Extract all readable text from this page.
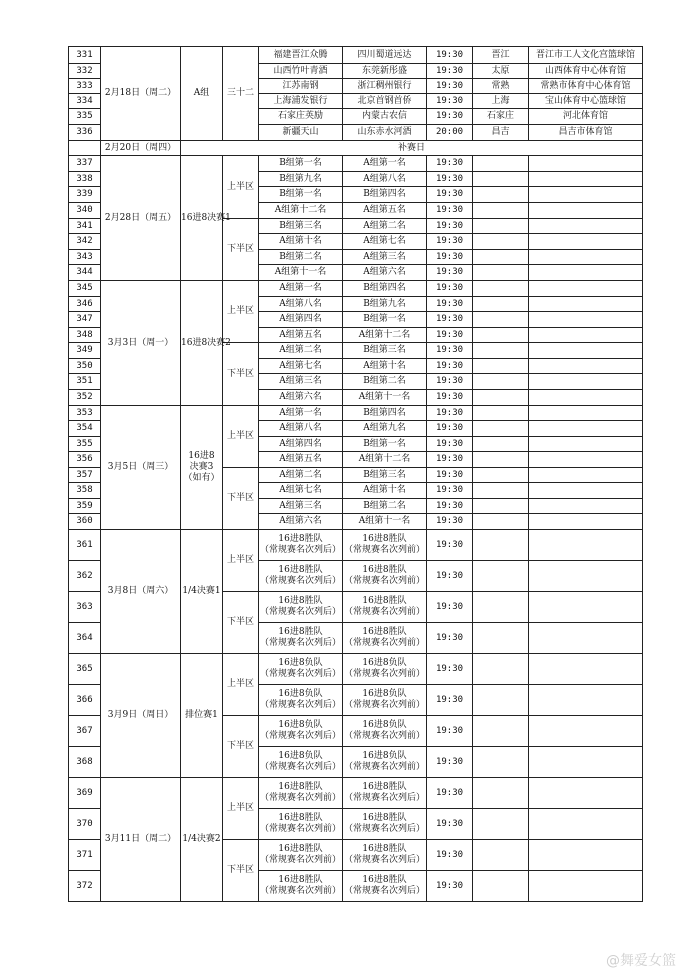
331	2月18日（周二）	A组	三十二	福建晋江众腾	四川蜀道远达	19:30	晋江	晋江市工人文化宫篮球馆
332				山西竹叶青酒	东莞新彤盛	19:30	太原	山西体育中心体育馆
333				江苏南钢	浙江稠州银行	19:30	常熟	常熟市体育中心体育馆
334				上海浦发银行	北京首钢首侨	19:30	上海	宝山体育中心篮球馆
335				石家庄英励	内蒙古农信	19:30	石家庄	河北体育馆
336				新疆天山	山东赤水河酒	20:00	昌吉	昌吉市体育馆
	2月20日（周四）	补赛日						
337	2月28日（周五）	16进8决赛1	上半区	B组第一名	A组第一名	19:30		
338				B组第九名	A组第八名	19:30		
339				B组第一名	B组第四名	19:30		
340				A组第十二名	A组第五名	19:30		
341			下半区	B组第三名	A组第二名	19:30		
342				A组第十名	A组第七名	19:30		
343				B组第二名	A组第三名	19:30		
344				A组第十一名	A组第六名	19:30		
345	3月3日（周一）	16进8决赛2	上半区	A组第一名	B组第四名	19:30		
346				A组第八名	B组第九名	19:30		
347				A组第四名	B组第一名	19:30		
348				A组第五名	A组第十二名	19:30		
349			下半区	A组第二名	B组第三名	19:30		
350				A组第七名	A组第十名	19:30		
351				A组第三名	B组第二名	19:30		
352				A组第六名	A组第十一名	19:30		
353	3月5日（周三）	16进8
决赛3
（如有）	上半区	A组第一名	B组第四名	19:30		
354				A组第八名	A组第九名	19:30		
355				A组第四名	B组第一名	19:30		
356				A组第五名	A组第十二名	19:30		
357			下半区	A组第二名	B组第三名	19:30		
358				A组第七名	A组第十名	19:30		
359				A组第三名	B组第二名	19:30		
360				A组第六名	A组第十一名	19:30		
361	3月8日（周六）	1/4决赛1	上半区	16进8胜队
（常规赛名次列后）	16进8胜队
（常规赛名次列前）	19:30		
362				16进8胜队
（常规赛名次列后）	16进8胜队
（常规赛名次列前）	19:30		
363			下半区	16进8胜队
（常规赛名次列后）	16进8胜队
（常规赛名次列前）	19:30		
364				16进8胜队
（常规赛名次列后）	16进8胜队
（常规赛名次列前）	19:30		
365	3月9日（周日）	排位赛1	上半区	16进8负队
（常规赛名次列后）	16进8负队
（常规赛名次列前）	19:30		
366				16进8负队
（常规赛名次列后）	16进8负队
（常规赛名次列前）	19:30		
367			下半区	16进8负队
（常规赛名次列后）	16进8负队
（常规赛名次列前）	19:30		
368				16进8负队
（常规赛名次列后）	16进8负队
（常规赛名次列前）	19:30		
369	3月11日（周二）	1/4决赛2	上半区	16进8胜队
（常规赛名次列前）	16进8胜队
（常规赛名次列后）	19:30		
370				16进8胜队
（常规赛名次列前）	16进8胜队
（常规赛名次列后）	19:30		
371			下半区	16进8胜队
（常规赛名次列前）	16进8胜队
（常规赛名次列后）	19:30		
372				16进8胜队
（常规赛名次列前）	16进8胜队
（常规赛名次列后）	19:30		
@舞爱女篮
